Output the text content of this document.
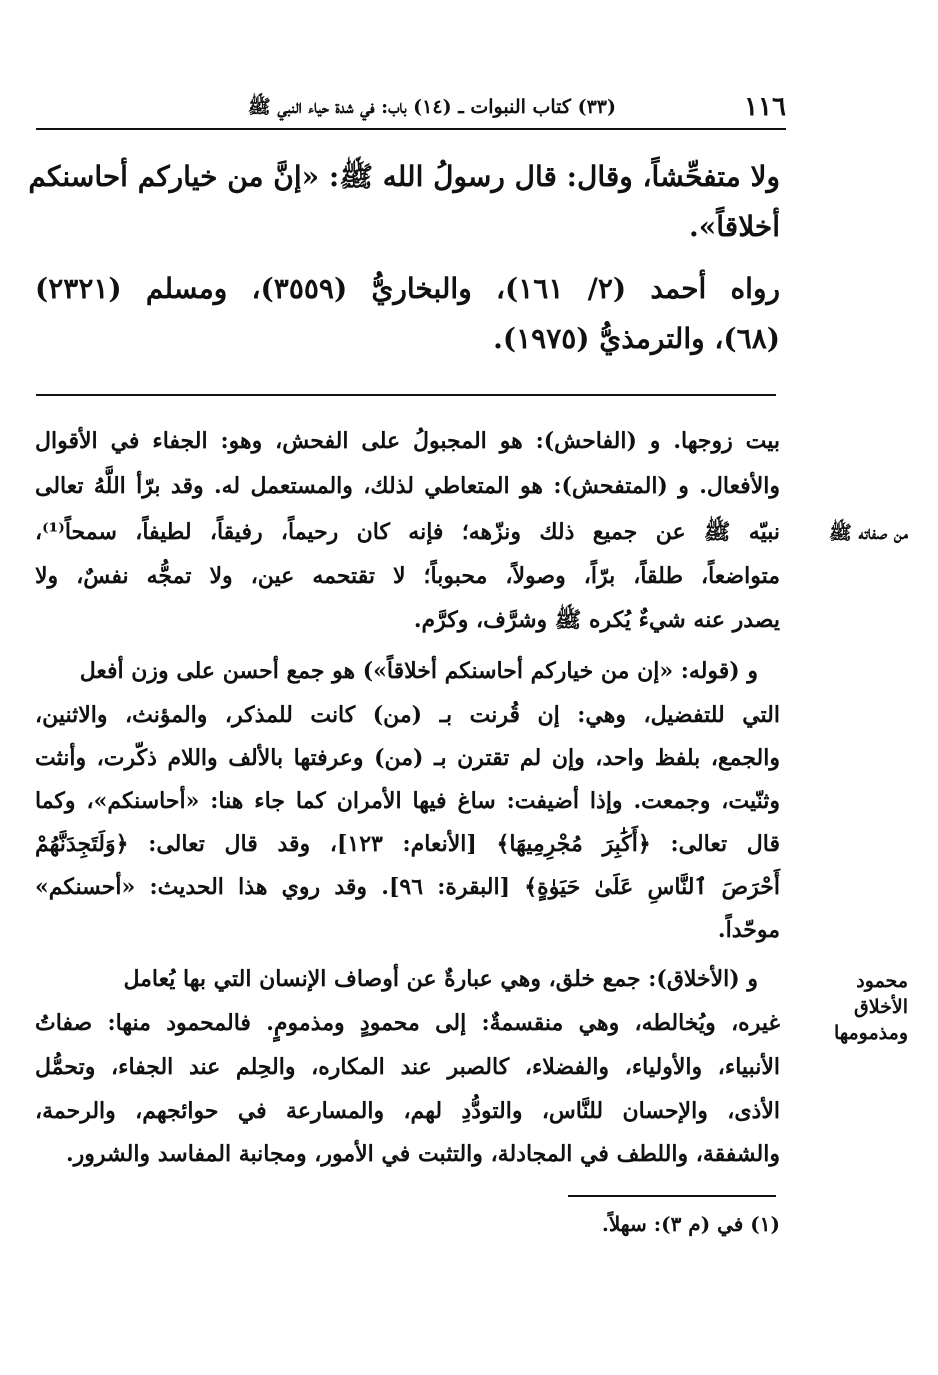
١١٦
(٣٣) كتاب النبوات ـ (١٤) باب: في شدة حياء النبي ﷺ
ولا متفحِّشاً، وقال: قال رسولُ الله ﷺ: «إنَّ من خياركم أحاسنكم
أخلاقاً».
رواه أحمد (٢/ ١٦١)، والبخاريُّ (٣٥٥٩)، ومسلم (٢٣٢١)
(٦٨)، والترمذيُّ (١٩٧٥).
بيت زوجها. و (الفاحش): هو المجبولُ على الفحش، وهو: الجفاء في الأقوال
والأفعال. و (المتفحش): هو المتعاطي لذلك، والمستعمل له. وقد برّأ اللَّهُ تعالى
نبيّه ﷺ عن جميع ذلك ونزّهه؛ فإنه كان رحيماً، رفيقاً، لطيفاً، سمحاً⁽¹⁾،
متواضعاً، طلقاً، برّاً، وصولاً، محبوباً؛ لا تقتحمه عين، ولا تمجُّه نفسٌ، ولا
يصدر عنه شيءٌ يُكره ﷺ وشرَّف، وكرَّم.
و (قوله: «إن من خياركم أحاسنكم أخلاقاً») هو جمع أحسن على وزن أفعل
التي للتفضيل، وهي: إن قُرنت بـ (من) كانت للمذكر، والمؤنث، والاثنين،
والجمع، بلفظ واحد، وإن لم تقترن بـ (من) وعرفتها بالألف واللام ذكّرت، وأنثت
وثنّيت، وجمعت. وإذا أضيفت: ساغ فيها الأمران كما جاء هنا: «أحاسنكم»، وكما
قال تعالى: ﴿أَكَٰبِرَ مُجْرِمِيهَا﴾ [الأنعام: ١٢٣]، وقد قال تعالى: ﴿وَلَتَجِدَنَّهُمْ
أَحْرَصَ ٱلنَّاسِ عَلَىٰ حَيَوٰةٍ﴾ [البقرة: ٩٦]. وقد روي هذا الحديث: «أحسنكم»
موحّداً.
و (الأخلاق): جمع خلق، وهي عبارةٌ عن أوصاف الإنسان التي بها يُعامل
غيره، ويُخالطه، وهي منقسمةٌ: إلى محمودٍ ومذمومٍ. فالمحمود منها: صفاتُ
الأنبياء، والأولياء، والفضلاء، كالصبر عند المكاره، والحِلم عند الجفاء، وتحمُّل
الأذى، والإحسان للنَّاس، والتودُّدِ لهم، والمسارعة في حوائجهم، والرحمة،
والشفقة، واللطف في المجادلة، والتثبت في الأمور، ومجانبة المفاسد والشرور.
من صفاته ﷺ
محمود
الأخلاق
ومذمومها
(١) في (م ٣): سهلاً.
